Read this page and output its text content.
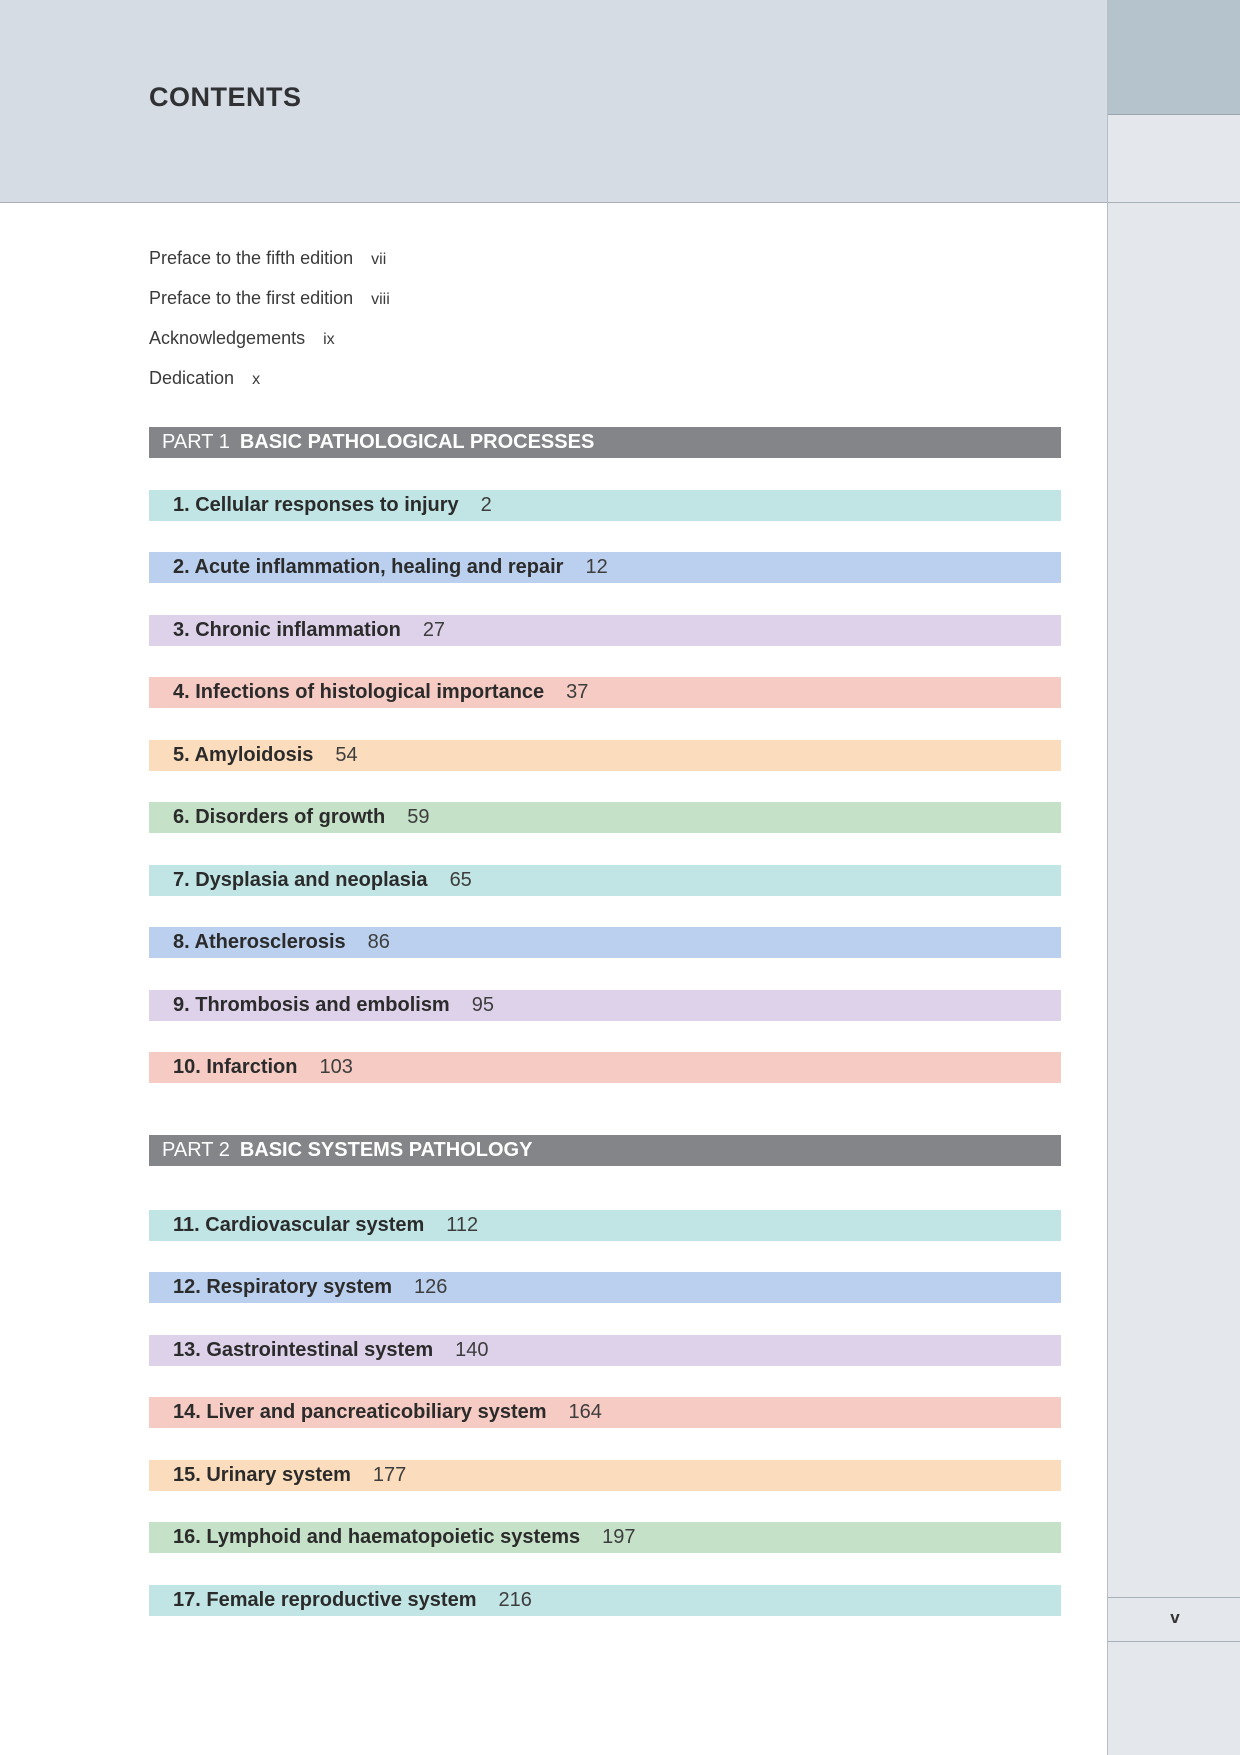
CONTENTS
v
Preface to the fifth edition vii
Preface to the first edition viii
Acknowledgements ix
Dedication x
PART 1 BASIC PATHOLOGICAL PROCESSES
1. Cellular responses to injury 2
2. Acute inflammation, healing and repair 12
3. Chronic inflammation 27
4. Infections of histological importance 37
5. Amyloidosis 54
6. Disorders of growth 59
7. Dysplasia and neoplasia 65
8. Atherosclerosis 86
9. Thrombosis and embolism 95
10. Infarction 103
PART 2 BASIC SYSTEMS PATHOLOGY
11. Cardiovascular system 112
12. Respiratory system 126
13. Gastrointestinal system 140
14. Liver and pancreaticobiliary system 164
15. Urinary system 177
16. Lymphoid and haematopoietic systems 197
17. Female reproductive system 216
